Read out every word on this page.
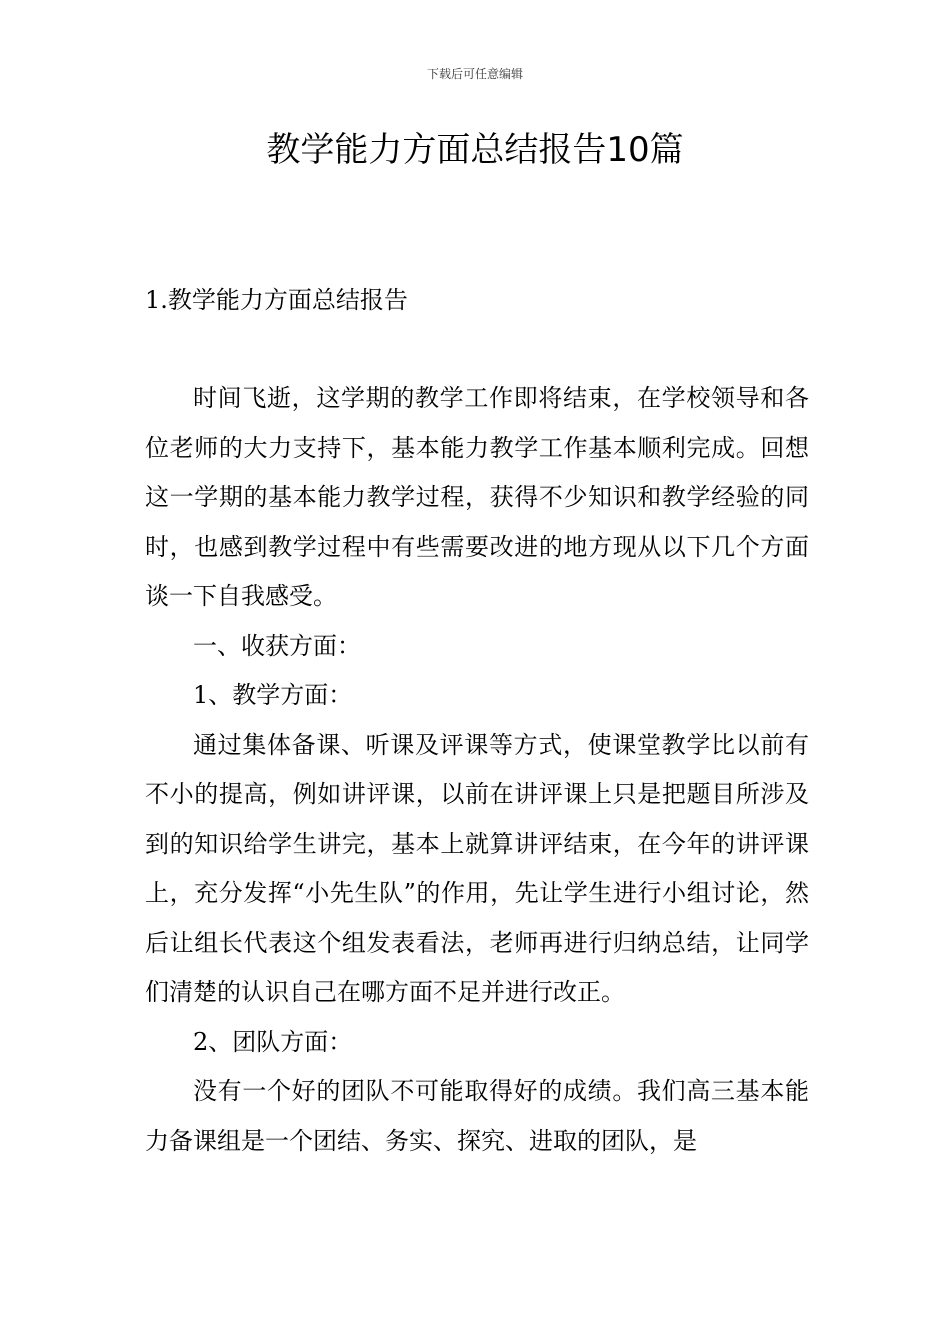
下载后可任意编辑
教学能力方面总结报告10篇
1.教学能力方面总结报告

时间飞逝，这学期的教学工作即将结束，在学校领导和各位老师的大力支持下，基本能力教学工作基本顺利完成。回想这一学期的基本能力教学过程，获得不少知识和教学经验的同时，也感到教学过程中有些需要改进的地方现从以下几个方面谈一下自我感受。

一、收获方面：

1、教学方面：

通过集体备课、听课及评课等方式，使课堂教学比以前有不小的提高，例如讲评课，以前在讲评课上只是把题目所涉及到的知识给学生讲完，基本上就算讲评结束，在今年的讲评课上，充分发挥“小先生队”的作用，先让学生进行小组讨论，然后让组长代表这个组发表看法，老师再进行归纳总结，让同学们清楚的认识自己在哪方面不足并进行改正。

2、团队方面：

没有一个好的团队不可能取得好的成绩。我们高三基本能力备课组是一个团结、务实、探究、进取的团队，是
